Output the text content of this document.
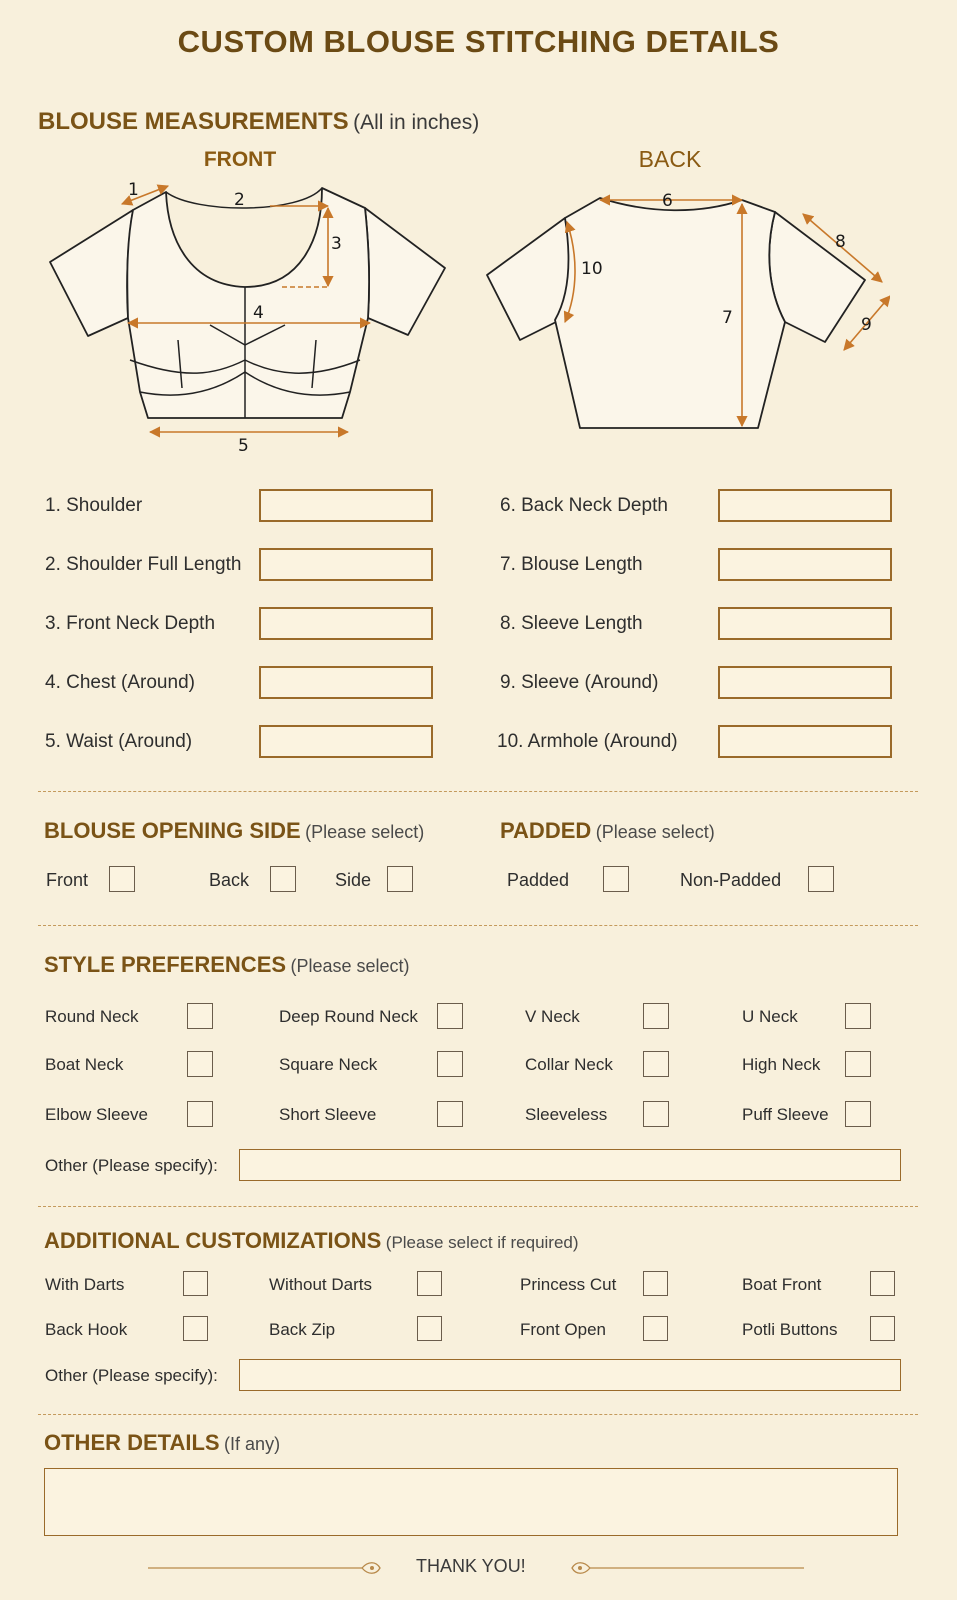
CUSTOM BLOUSE STITCHING DETAILS
BLOUSE MEASUREMENTS (All in inches)
FRONT	BACK
1	2
3
4
5
6
7
8
9
10
1. Shoulder
2. Shoulder Full Length
3. Front Neck Depth
4. Chest (Around)
5. Waist (Around)
6. Back Neck Depth
7. Blouse Length
8. Sleeve Length
9. Sleeve (Around)
10. Armhole (Around)
BLOUSE OPENING SIDE (Please select)
Front	Back	Side
PADDED (Please select)
Padded	Non-Padded
STYLE PREFERENCES (Please select)
Round Neck	Deep Round Neck	V Neck	U Neck
Boat Neck	Square Neck	Collar Neck	High Neck
Elbow Sleeve	Short Sleeve	Sleeveless	Puff Sleeve
Other (Please specify):
ADDITIONAL CUSTOMIZATIONS (Please select if required)
With Darts	Without Darts	Princess Cut	Boat Front
Back Hook	Back Zip	Front Open	Potli Buttons
Other (Please specify):
OTHER DETAILS (If any)
THANK YOU!
